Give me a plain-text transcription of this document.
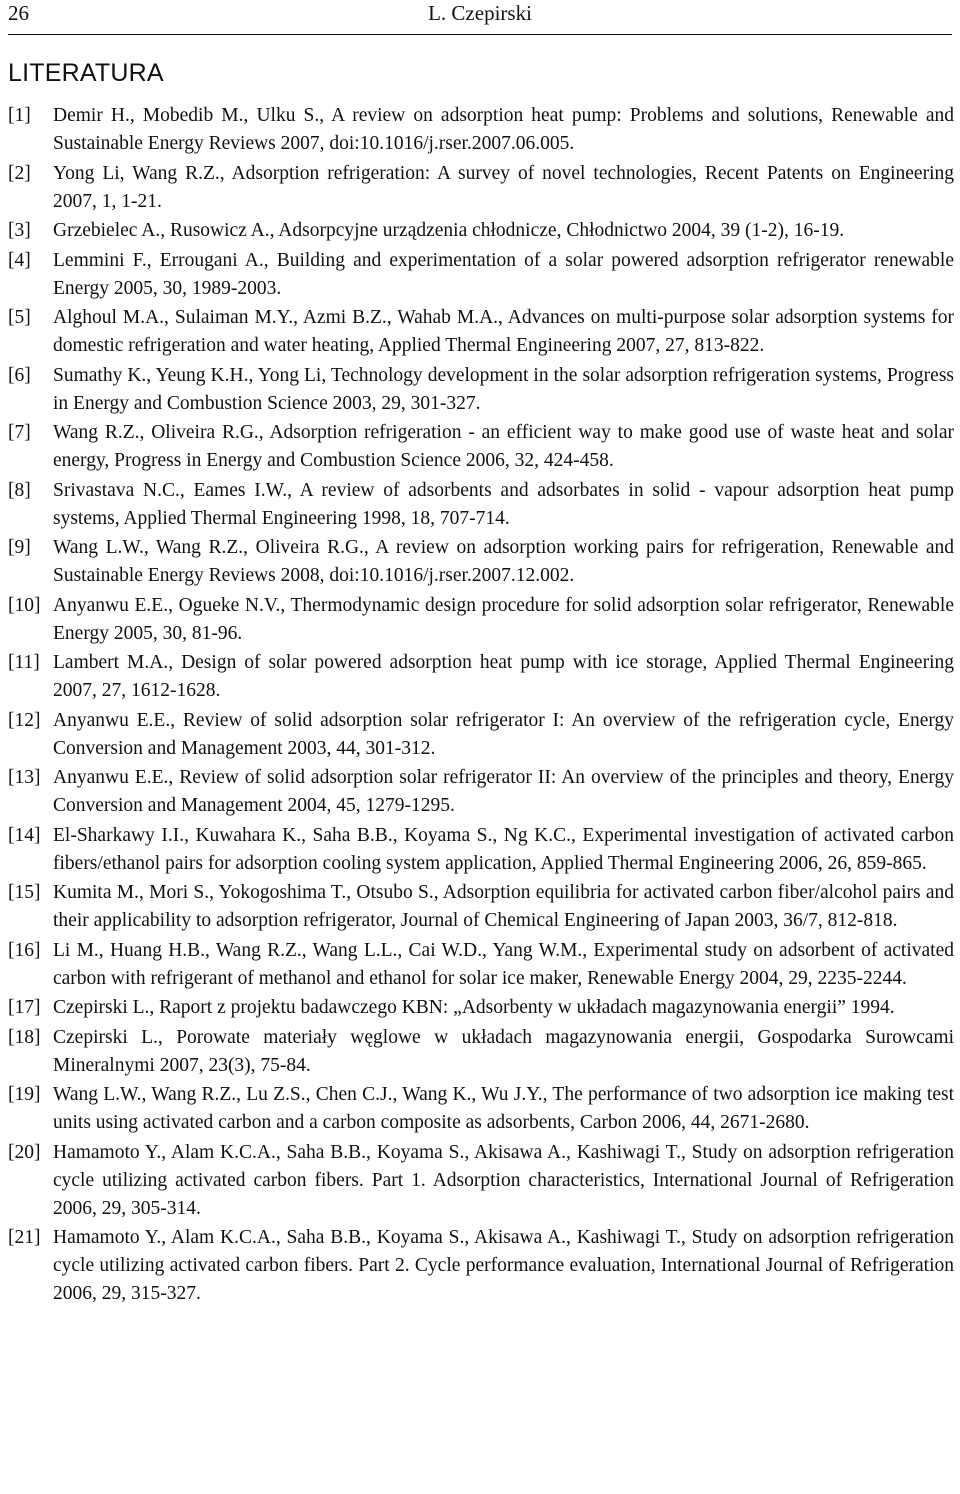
26	L. Czepirski
LITERATURA
[1]	Demir H., Mobedib M., Ulku S., A review on adsorption heat pump: Problems and solutions, Renewable and Sustainable Energy Reviews 2007, doi:10.1016/j.rser.2007.06.005.
[2]	Yong Li, Wang R.Z., Adsorption refrigeration: A survey of novel technologies, Recent Patents on Engineering 2007, 1, 1-21.
[3]	Grzebielec A., Rusowicz A., Adsorpcyjne urządzenia chłodnicze, Chłodnictwo 2004, 39 (1-2), 16-19.
[4]	Lemmini F., Errougani A., Building and experimentation of a solar powered adsorption refrigerator renewable Energy 2005, 30, 1989-2003.
[5]	Alghoul M.A., Sulaiman M.Y., Azmi B.Z., Wahab M.A., Advances on multi-purpose solar adsorption systems for domestic refrigeration and water heating, Applied Thermal Engineering 2007, 27, 813-822.
[6]	Sumathy K., Yeung K.H., Yong Li, Technology development in the solar adsorption refrigeration systems, Progress in Energy and Combustion Science 2003, 29, 301-327.
[7]	Wang R.Z., Oliveira R.G., Adsorption refrigeration - an efficient way to make good use of waste heat and solar energy, Progress in Energy and Combustion Science 2006, 32, 424-458.
[8]	Srivastava N.C., Eames I.W., A review of adsorbents and adsorbates in solid - vapour adsorption heat pump systems, Applied Thermal Engineering 1998, 18, 707-714.
[9]	Wang L.W., Wang R.Z., Oliveira R.G., A review on adsorption working pairs for refrigeration, Renewable and Sustainable Energy Reviews 2008, doi:10.1016/j.rser.2007.12.002.
[10] Anyanwu E.E., Ogueke N.V., Thermodynamic design procedure for solid adsorption solar refrigerator, Renewable Energy 2005, 30, 81-96.
[11] Lambert M.A., Design of solar powered adsorption heat pump with ice storage, Applied Thermal Engineering 2007, 27, 1612-1628.
[12] Anyanwu E.E., Review of solid adsorption solar refrigerator I: An overview of the refrigeration cycle, Energy Conversion and Management 2003, 44, 301-312.
[13] Anyanwu E.E., Review of solid adsorption solar refrigerator II: An overview of the principles and theory, Energy Conversion and Management 2004, 45, 1279-1295.
[14] El-Sharkawy I.I., Kuwahara K., Saha B.B., Koyama S., Ng K.C., Experimental investigation of activated carbon fibers/ethanol pairs for adsorption cooling system application, Applied Thermal Engineering 2006, 26, 859-865.
[15] Kumita M., Mori S., Yokogoshima T., Otsubo S., Adsorption equilibria for activated carbon fiber/alcohol pairs and their applicability to adsorption refrigerator, Journal of Chemical Engineering of Japan 2003, 36/7, 812-818.
[16] Li M., Huang H.B., Wang R.Z., Wang L.L., Cai W.D., Yang W.M., Experimental study on adsorbent of activated carbon with refrigerant of methanol and ethanol for solar ice maker, Renewable Energy 2004, 29, 2235-2244.
[17] Czepirski L., Raport z projektu badawczego KBN: „Adsorbenty w układach magazynowania energii” 1994.
[18] Czepirski L., Porowate materiały węglowe w układach magazynowania energii, Gospodarka Surowcami Mineralnymi 2007, 23(3), 75-84.
[19] Wang L.W., Wang R.Z., Lu Z.S., Chen C.J., Wang K., Wu J.Y., The performance of two adsorption ice making test units using activated carbon and a carbon composite as adsorbents, Carbon 2006, 44, 2671-2680.
[20] Hamamoto Y., Alam K.C.A., Saha B.B., Koyama S., Akisawa A., Kashiwagi T., Study on adsorption refrigeration cycle utilizing activated carbon fibers. Part 1. Adsorption characteristics, International Journal of Refrigeration 2006, 29, 305-314.
[21] Hamamoto Y., Alam K.C.A., Saha B.B., Koyama S., Akisawa A., Kashiwagi T., Study on adsorption refrigeration cycle utilizing activated carbon fibers. Part 2. Cycle performance evaluation, International Journal of Refrigeration 2006, 29, 315-327.
